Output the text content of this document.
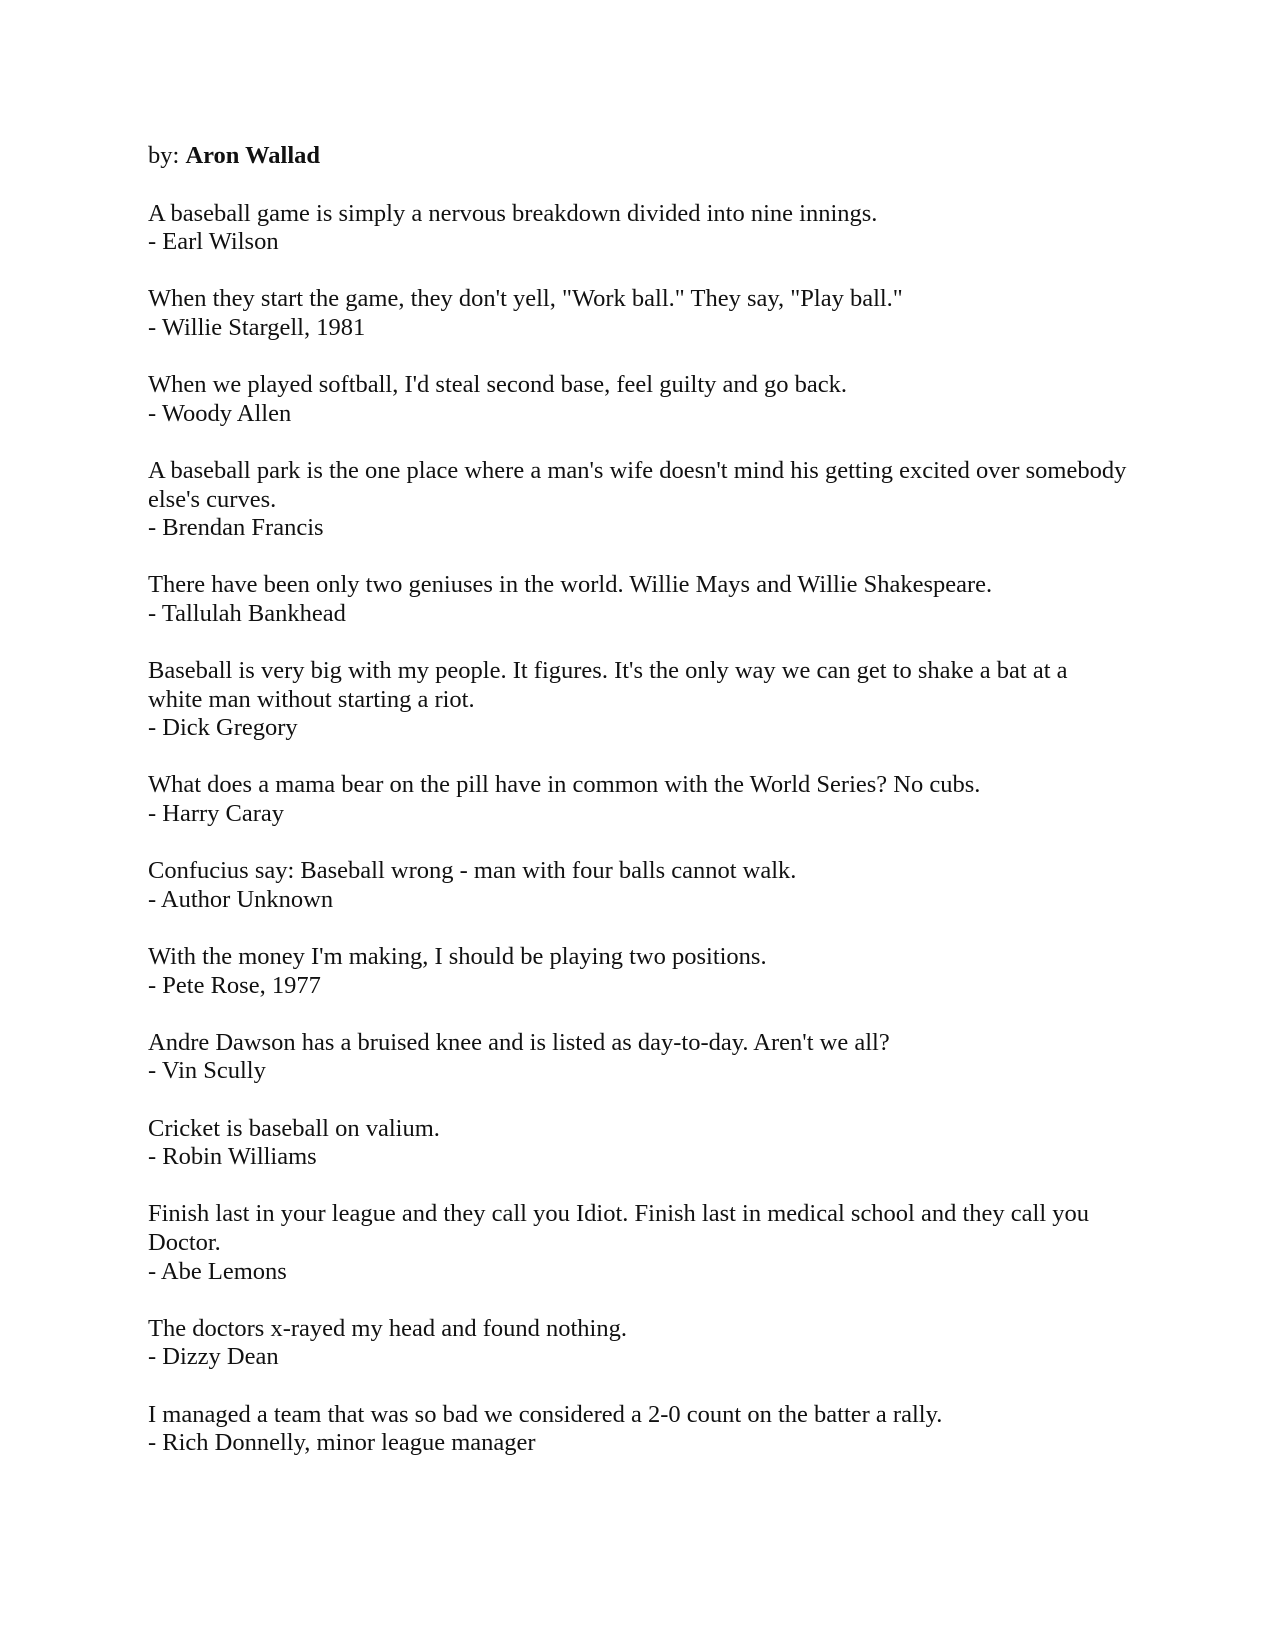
by: Aron Wallad

A baseball game is simply a nervous breakdown divided into nine innings.

- Earl Wilson

When they start the game, they don't yell, "Work ball." They say, "Play ball."

- Willie Stargell, 1981

When we played softball, I'd steal second base, feel guilty and go back.

- Woody Allen

A baseball park is the one place where a man's wife doesn't mind his getting excited over somebody else's curves.

- Brendan Francis

There have been only two geniuses in the world. Willie Mays and Willie Shakespeare.

- Tallulah Bankhead

Baseball is very big with my people. It figures. It's the only way we can get to shake a bat at a white man without starting a riot.

- Dick Gregory

What does a mama bear on the pill have in common with the World Series? No cubs.

- Harry Caray

Confucius say: Baseball wrong - man with four balls cannot walk.

- Author Unknown

With the money I'm making, I should be playing two positions.

- Pete Rose, 1977

Andre Dawson has a bruised knee and is listed as day-to-day. Aren't we all?

- Vin Scully

Cricket is baseball on valium.

- Robin Williams

Finish last in your league and they call you Idiot. Finish last in medical school and they call you Doctor.

- Abe Lemons

The doctors x-rayed my head and found nothing.

- Dizzy Dean

I managed a team that was so bad we considered a 2-0 count on the batter a rally.

- Rich Donnelly, minor league manager
